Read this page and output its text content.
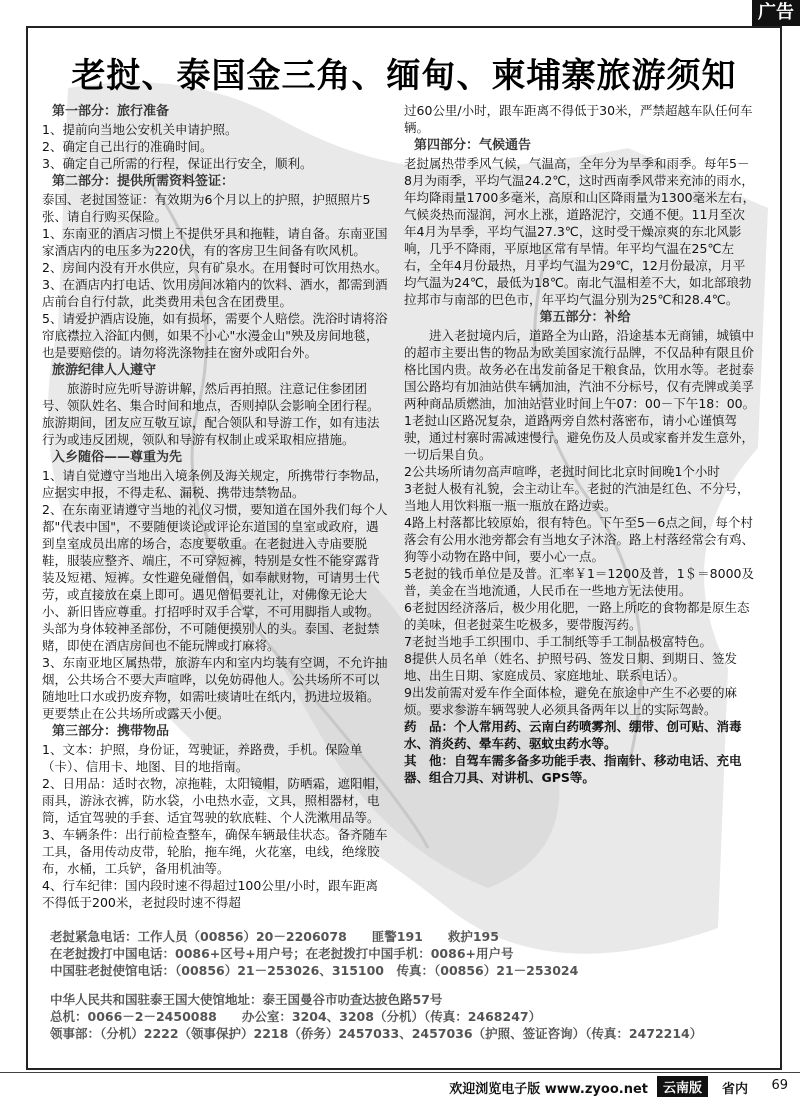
广告
老挝、泰国金三角、缅甸、柬埔寨旅游须知

第一部分：旅行准备

1、提前向当地公安机关申请护照。

2、确定自己出行的准确时间。

3、确定自己所需的行程，保证出行安全，顺利。

第二部分：提供所需资料签证：

泰国、老挝国签证：有效期为6个月以上的护照，护照照片5张、请自行购买保险。

1、东南亚的酒店习惯上不提供牙具和拖鞋，请自备。东南亚国家酒店内的电压多为220伏，有的客房卫生间备有吹风机。

2、房间内没有开水供应，只有矿泉水。在用餐时可饮用热水。

3、在酒店内打电话、饮用房间冰箱内的饮料、酒水，都需到酒店前台自行付款，此类费用未包含在团费里。

5、请爱护酒店设施，如有损坏，需要个人赔偿。洗浴时请将浴帘底襟拉入浴缸内侧，如果不小心"水漫金山"殃及房间地毯，也是要赔偿的。请勿将洗涤物挂在窗外或阳台外。

旅游纪律人人遵守

旅游时应先听导游讲解，然后再拍照。注意记住参团团号、领队姓名、集合时间和地点，否则掉队会影响全团行程。旅游期间，团友应互敬互谅，配合领队和导游工作，如有违法行为或违反团规，领队和导游有权制止或采取相应措施。

入乡随俗——尊重为先

1、请自觉遵守当地出入境条例及海关规定，所携带行李物品，应据实申报，不得走私、漏税、携带违禁物品。

2、在东南亚请遵守当地的礼仪习惯，要知道在国外我们每个人都"代表中国"，不要随便谈论或评论东道国的皇室或政府，遇到皇室成员出席的场合，态度要敬重。在老挝进入寺庙要脱鞋，服装应整齐、端庄，不可穿短裤，特别是女性不能穿露背装及短裙、短裤。女性避免碰僧侣，如奉献财物，可请男士代劳，或直接放在桌上即可。遇见僧侣要礼让，对佛像无论大小、新旧皆应尊重。打招呼时双手合掌，不可用脚指人或物。头部为身体较神圣部份，不可随便摸别人的头。泰国、老挝禁赌，即使在酒店房间也不能玩牌或打麻将。

3、东南亚地区属热带，旅游车内和室内均装有空调，不允许抽烟，公共场合不要大声喧哗，以免妨碍他人。公共场所不可以随地吐口水或扔废弃物，如需吐痰请吐在纸内，扔进垃圾箱。更要禁止在公共场所或露天小便。

第三部分：携带物品

1、文本：护照，身份证，驾驶证，养路费，手机。保险单（卡）、信用卡、地图、目的地指南。

2、日用品：适时衣物，凉拖鞋，太阳镜帽，防晒霜，遮阳帽，雨具，游泳衣裤，防水袋，小电热水壶，文具，照相器材，电筒，适宜驾驶的手套、适宜驾驶的软底鞋、个人洗漱用品等。

3、车辆条件：出行前检查整车，确保车辆最佳状态。备齐随车工具，备用传动皮带，轮胎，拖车绳，火花塞，电线，绝缘胶布，水桶，工兵铲，备用机油等。

4、行车纪律：国内段时速不得超过100公里/小时，跟车距离不得低于200米，老挝段时速不得超

过60公里/小时，跟车距离不得低于30米，严禁超越车队任何车辆。

第四部分：气候通告

老挝属热带季风气候，气温高，全年分为旱季和雨季。每年5－8月为雨季，平均气温24.2℃，这时西南季风带来充沛的雨水，年均降雨量1700多毫米，高原和山区降雨量为1300毫米左右，气候炎热而湿润，河水上涨，道路泥泞，交通不便。11月至次年4月为旱季，平均气温27.3℃，这时受干燥凉爽的东北风影响，几乎不降雨，平原地区常有旱情。年平均气温在25℃左右，全年4月份最热，月平均气温为29℃，12月份最凉，月平均气温为24℃，最低为18℃。南北气温相差不大，如北部琅勃拉邦市与南部的巴色市，年平均气温分别为25℃和28.4℃。

第五部分：补给

进入老挝境内后，道路全为山路，沿途基本无商铺，城镇中的超市主要出售的物品为欧美国家流行品牌，不仅品种有限且价格比国内贵。故务必在出发前备足干粮食品，饮用水等。老挝泰国公路均有加油站供车辆加油，汽油不分标号，仅有壳牌或美孚两种商品质燃油，加油站营业时间上午07：00－下午18：00。

1老挝山区路况复杂，道路两旁自然村落密布，请小心谨慎驾驶，通过村寨时需减速慢行。避免伤及人员或家畜并发生意外，一切后果自负。

2公共场所请勿高声喧哗，老挝时间比北京时间晚1个小时

3老挝人极有礼貌，会主动让车。老挝的汽油是红色、不分号，当地人用饮料瓶一瓶一瓶放在路边卖。

4路上村落都比较原始，很有特色。下午至5－6点之间，每个村落会有公用水池旁都会有当地女子沐浴。路上村落经常会有鸡、狗等小动物在路中间，要小心一点。

5老挝的钱币单位是及普。汇率￥1＝1200及普，1＄＝8000及普，美金在当地流通，人民币在一些地方无法使用。

6老挝因经济落后，极少用化肥，一路上所吃的食物都是原生态的美味，但老挝菜生吃极多，要带腹泻药。

7老挝当地手工织围巾、手工制纸等手工制品极富特色。

8提供人员名单（姓名、护照号码、签发日期、到期日、签发地、出生日期、家庭成员、家庭地址、联系电话）。

9出发前需对爱车作全面体检，避免在旅途中产生不必要的麻烦。要求参游车辆驾驶人必须具备两年以上的实际驾龄。

药　品：个人常用药、云南白药喷雾剂、绷带、创可贴、消毒水、消炎药、晕车药、驱蚊虫药水等。

其　他：自驾车需多备多功能手表、指南针、移动电话、充电器、组合刀具、对讲机、GPS等。

老挝紧急电话：工作人员（00856）20－2206078　　匪警191　　救护195

在老挝拨打中国电话：0086+区号+用户号；在老挝拨打中国手机：0086+用户号

中国驻老挝使馆电话：（00856）21－253026、315100　传真：（00856）21－253024

中华人民共和国驻泰王国大使馆地址：泰王国曼谷市叻查达披色路57号

总机：0066－2－2450088　　办公室：3204、3208（分机）（传真：2468247）

领事部：（分机）2222（领事保护）2218（侨务）2457033、2457036（护照、签证咨询）（传真：2472214）

欢迎浏览电子版 www.zyoo.net	云南版	省内 69
